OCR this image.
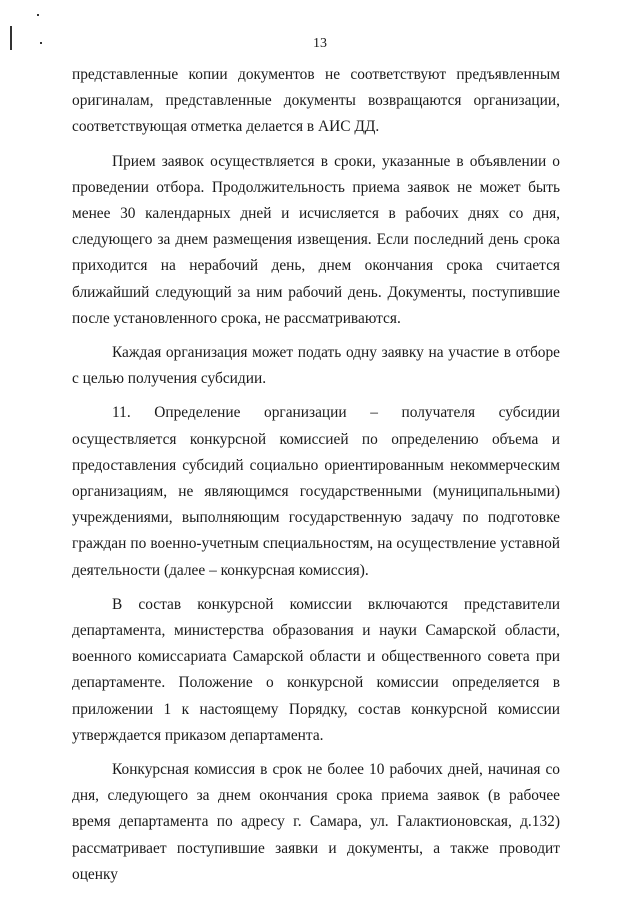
13

представленные копии документов не соответствуют предъявленным оригиналам, представленные документы возвращаются организации, соответствующая отметка делается в АИС ДД.

Прием заявок осуществляется в сроки, указанные в объявлении о проведении отбора. Продолжительность приема заявок не может быть менее 30 календарных дней и исчисляется в рабочих днях со дня, следующего за днем размещения извещения. Если последний день срока приходится на нерабочий день, днем окончания срока считается ближайший следующий за ним рабочий день. Документы, поступившие после установленного срока, не рассматриваются.

Каждая организация может подать одну заявку на участие в отборе с целью получения субсидии.

11. Определение организации – получателя субсидии осуществляется конкурсной комиссией по определению объема и предоставления субсидий социально ориентированным некоммерческим организациям, не являющимся государственными (муниципальными) учреждениями, выполняющим государственную задачу по подготовке граждан по военно-учетным специальностям, на осуществление уставной деятельности (далее – конкурсная комиссия).

В состав конкурсной комиссии включаются представители департамента, министерства образования и науки Самарской области, военного комиссариата Самарской области и общественного совета при департаменте. Положение о конкурсной комиссии определяется в приложении 1 к настоящему Порядку, состав конкурсной комиссии утверждается приказом департамента.

Конкурсная комиссия в срок не более 10 рабочих дней, начиная со дня, следующего за днем окончания срока приема заявок (в рабочее время департамента по адресу г. Самара, ул. Галактионовская, д.132) рассматривает поступившие заявки и документы, а также проводит оценку
